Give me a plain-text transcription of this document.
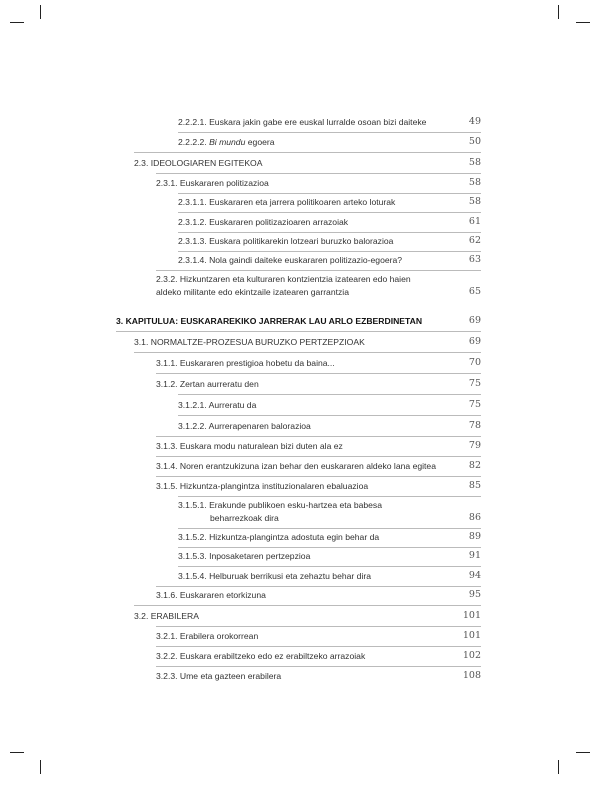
2.2.2.1. Euskara jakin gabe ere euskal lurralde osoan bizi daiteke	49
2.2.2.2. Bi mundu egoera	50
2.3. IDEOLOGIAREN EGITEKOA	58
2.3.1. Euskararen politizazioa	58
2.3.1.1. Euskararen eta jarrera politikoaren arteko loturak	58
2.3.1.2. Euskararen politizazioaren arrazoiak	61
2.3.1.3. Euskara politikarekin lotzeari buruzko balorazioa	62
2.3.1.4. Nola gaindi daiteke euskararen politizazio-egoera?	63
2.3.2. Hizkuntzaren eta kulturaren kontzientzia izatearen edo haien
aldeko militante edo ekintzaile izatearen garrantzia	65
3. KAPITULUA: EUSKARAREKIKO JARRERAK LAU ARLO EZBERDINETAN	69
3.1. NORMALTZE-PROZESUA BURUZKO PERTZEPZIOAK	69
3.1.1. Euskararen prestigioa hobetu da baina...	70
3.1.2. Zertan aurreratu den	75
3.1.2.1. Aurreratu da	75
3.1.2.2. Aurrerapenaren balorazioa	78
3.1.3. Euskara modu naturalean bizi duten ala ez	79
3.1.4. Noren erantzukizuna izan behar den euskararen aldeko lana egitea	82
3.1.5. Hizkuntza-plangintza instituzionalaren ebaluazioa	85
3.1.5.1. Erakunde publikoen esku-hartzea eta babesa
beharrezkoak dira	86
3.1.5.2. Hizkuntza-plangintza adostuta egin behar da	89
3.1.5.3. Inposaketaren pertzepzioa	91
3.1.5.4. Helburuak berrikusi eta zehaztu behar dira	94
3.1.6. Euskararen etorkizuna	95
3.2. ERABILERA	101
3.2.1. Erabilera orokorrean	101
3.2.2. Euskara erabiltzeko edo ez erabiltzeko arrazoiak	102
3.2.3. Ume eta gazteen erabilera	108
